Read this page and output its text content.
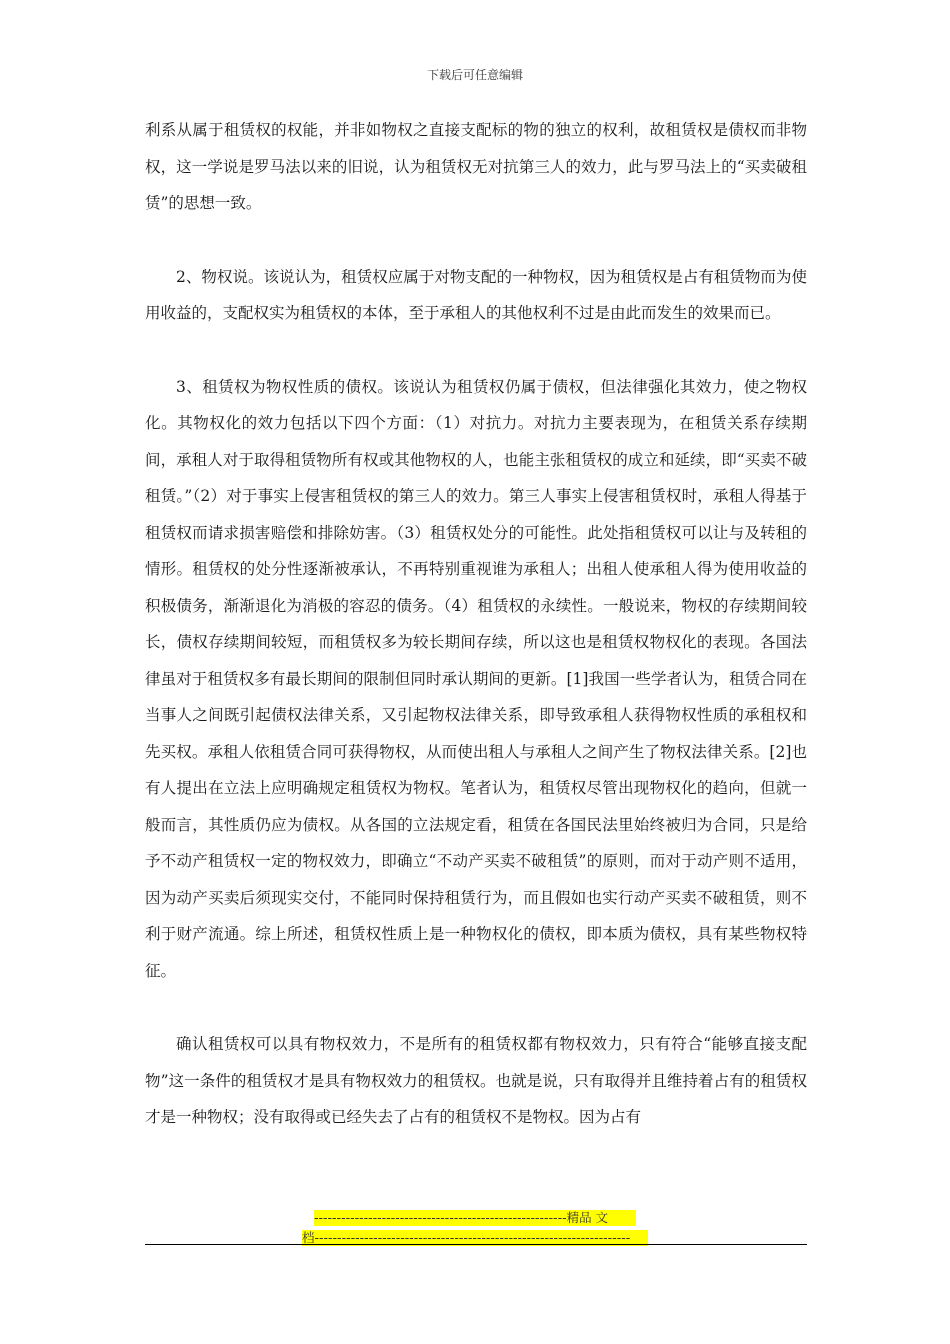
下载后可任意编辑

利系从属于租赁权的权能，并非如物权之直接支配标的物的独立的权利，故租赁权是债权而非物权，这一学说是罗马法以来的旧说，认为租赁权无对抗第三人的效力，此与罗马法上的“买卖破租赁”的思想一致。

2、物权说。该说认为，租赁权应属于对物支配的一种物权，因为租赁权是占有租赁物而为使用收益的，支配权实为租赁权的本体，至于承租人的其他权利不过是由此而发生的效果而已。

3、租赁权为物权性质的债权。该说认为租赁权仍属于债权，但法律强化其效力，使之物权化。其物权化的效力包括以下四个方面：（1）对抗力。对抗力主要表现为，在租赁关系存续期间，承租人对于取得租赁物所有权或其他物权的人，也能主张租赁权的成立和延续，即“买卖不破租赁。”（2）对于事实上侵害租赁权的第三人的效力。第三人事实上侵害租赁权时，承租人得基于租赁权而请求损害赔偿和排除妨害。（3）租赁权处分的可能性。此处指租赁权可以让与及转租的情形。租赁权的处分性逐渐被承认，不再特别重视谁为承租人；出租人使承租人得为使用收益的积极债务，渐渐退化为消极的容忍的债务。（4）租赁权的永续性。一般说来，物权的存续期间较长，债权存续期间较短，而租赁权多为较长期间存续，所以这也是租赁权物权化的表现。各国法律虽对于租赁权多有最长期间的限制但同时承认期间的更新。[1]我国一些学者认为，租赁合同在当事人之间既引起债权法律关系，又引起物权法律关系，即导致承租人获得物权性质的承租权和先买权。承租人依租赁合同可获得物权，从而使出租人与承租人之间产生了物权法律关系。[2]也有人提出在立法上应明确规定租赁权为物权。笔者认为，租赁权尽管出现物权化的趋向，但就一般而言，其性质仍应为债权。从各国的立法规定看，租赁在各国民法里始终被归为合同，只是给予不动产租赁权一定的物权效力，即确立“不动产买卖不破租赁”的原则，而对于动产则不适用，因为动产买卖后须现实交付，不能同时保持租赁行为，而且假如也实行动产买卖不破租赁，则不利于财产流通。综上所述，租赁权性质上是一种物权化的债权，即本质为债权，具有某些物权特征。

确认租赁权可以具有物权效力，不是所有的租赁权都有物权效力，只有符合“能够直接支配物”这一条件的租赁权才是具有物权效力的租赁权。也就是说，只有取得并且维持着占有的租赁权才是一种物权；没有取得或已经失去了占有的租赁权不是物权。因为占有

--------------------------------------------------------精品 文
档----------------------------------------------------------------------
